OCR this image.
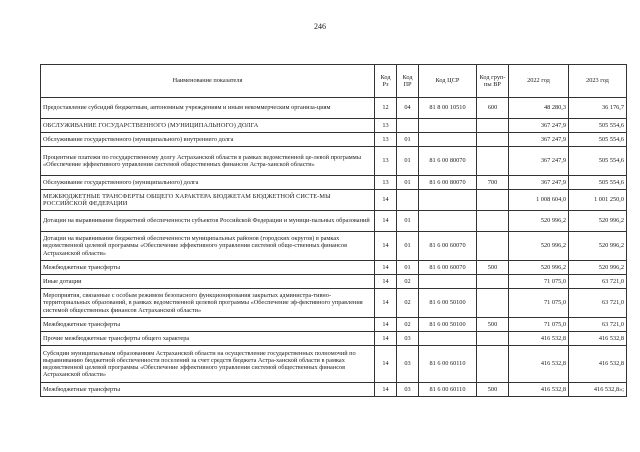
246
Наименование показателя	Код Рз	Код ПР	Код ЦСР	Код груп-пы ВР	2022 год	2023 год
Предоставление субсидий бюджетным, автономным учреждениям и иным некоммерческим организа-циям	12	04	81 8 00 10510	600	48 280,3	36 176,7
ОБСЛУЖИВАНИЕ ГОСУДАРСТВЕННОГО (МУНИЦИПАЛЬНОГО) ДОЛГА	13				367 247,9	505 554,6
Обслуживание государственного (муниципального) внутреннего долга	13	01			367 247,9	505 554,6
Процентные платежи по государственному долгу Астраханской области в рамках ведомственной це-левой программы «Обеспечение эффективного управления системой общественных финансов Астра-ханской области»	13	01	81 6 00 80070		367 247,9	505 554,6
Обслуживание государственного (муниципального) долга	13	01	81 6 00 80070	700	367 247,9	505 554,6
МЕЖБЮДЖЕТНЫЕ ТРАНСФЕРТЫ ОБЩЕГО ХАРАКТЕРА БЮДЖЕТАМ БЮДЖЕТНОЙ СИСТЕ-МЫ РОССИЙСКОЙ ФЕДЕРАЦИИ	14				1 008 604,0	1 001 250,0
Дотации на выравнивание бюджетной обеспеченности субъектов Российской Федерации и муници-пальных образований	14	01			520 996,2	520 996,2
Дотации на выравнивание бюджетной обеспеченности муниципальных районов (городских округов) в рамках ведомственной целевой программы «Обеспечение эффективного управления системой обще-ственных финансов Астраханской области»	14	01	81 6 00 60070		520 996,2	520 996,2
Межбюджетные трансферты	14	01	81 6 00 60070	500	520 996,2	520 996,2
Иные дотации	14	02			71 075,0	63 721,0
Мероприятия, связанные с особым режимом безопасного функционирования закрытых администра-тивно-территориальных образований, в рамках ведомственной целевой программы «Обеспечение эф-фективного управления системой общественных финансов Астраханской области»	14	02	81 6 00 50100		71 075,0	63 721,0
Межбюджетные трансферты	14	02	81 6 00 50100	500	71 075,0	63 721,0
Прочие межбюджетные трансферты общего характера	14	03			416 532,8	416 532,8
Субсидии муниципальным образованиям Астраханской области на осуществление государственных полномочий по выравниванию бюджетной обеспеченности поселений за счет средств бюджета Астра-ханской области в рамках ведомственной целевой программы «Обеспечение эффективного управления системой общественных финансов Астраханской области»	14	03	81 6 00 60110		416 532,8	416 532,8
Межбюджетные трансферты	14	03	81 6 00 60110	500	416 532,8	416 532,8»;
